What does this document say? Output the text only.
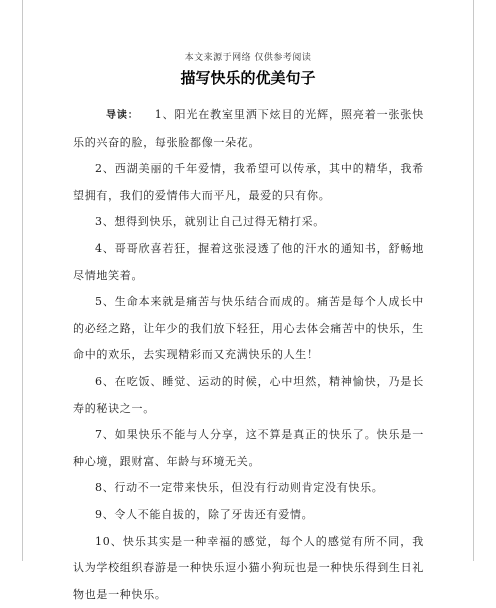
本文来源于网络 仅供参考阅读
描写快乐的优美句子

导读： 1、阳光在教室里洒下炫目的光辉，照亮着一张张快乐的兴奋的脸，每张脸都像一朵花。

2、西湖美丽的千年爱情，我希望可以传承，其中的精华，我希望拥有，我们的爱情伟大而平凡，最爱的只有你。

3、想得到快乐，就别让自己过得无精打采。

4、哥哥欣喜若狂，握着这张浸透了他的汗水的通知书，舒畅地尽情地笑着。

5、生命本来就是痛苦与快乐结合而成的。痛苦是每个人成长中的必经之路，让年少的我们放下轻狂，用心去体会痛苦中的快乐，生命中的欢乐，去实现精彩而又充满快乐的人生！

6、在吃饭、睡觉、运动的时候，心中坦然，精神愉快，乃是长寿的秘诀之一。

7、如果快乐不能与人分享，这不算是真正的快乐了。快乐是一种心境，跟财富、年龄与环境无关。

8、行动不一定带来快乐，但没有行动则肯定没有快乐。

9、令人不能自拔的，除了牙齿还有爱情。

10、快乐其实是一种幸福的感觉，每个人的感觉有所不同，我认为学校组织春游是一种快乐逗小猫小狗玩也是一种快乐得到生日礼物也是一种快乐。
